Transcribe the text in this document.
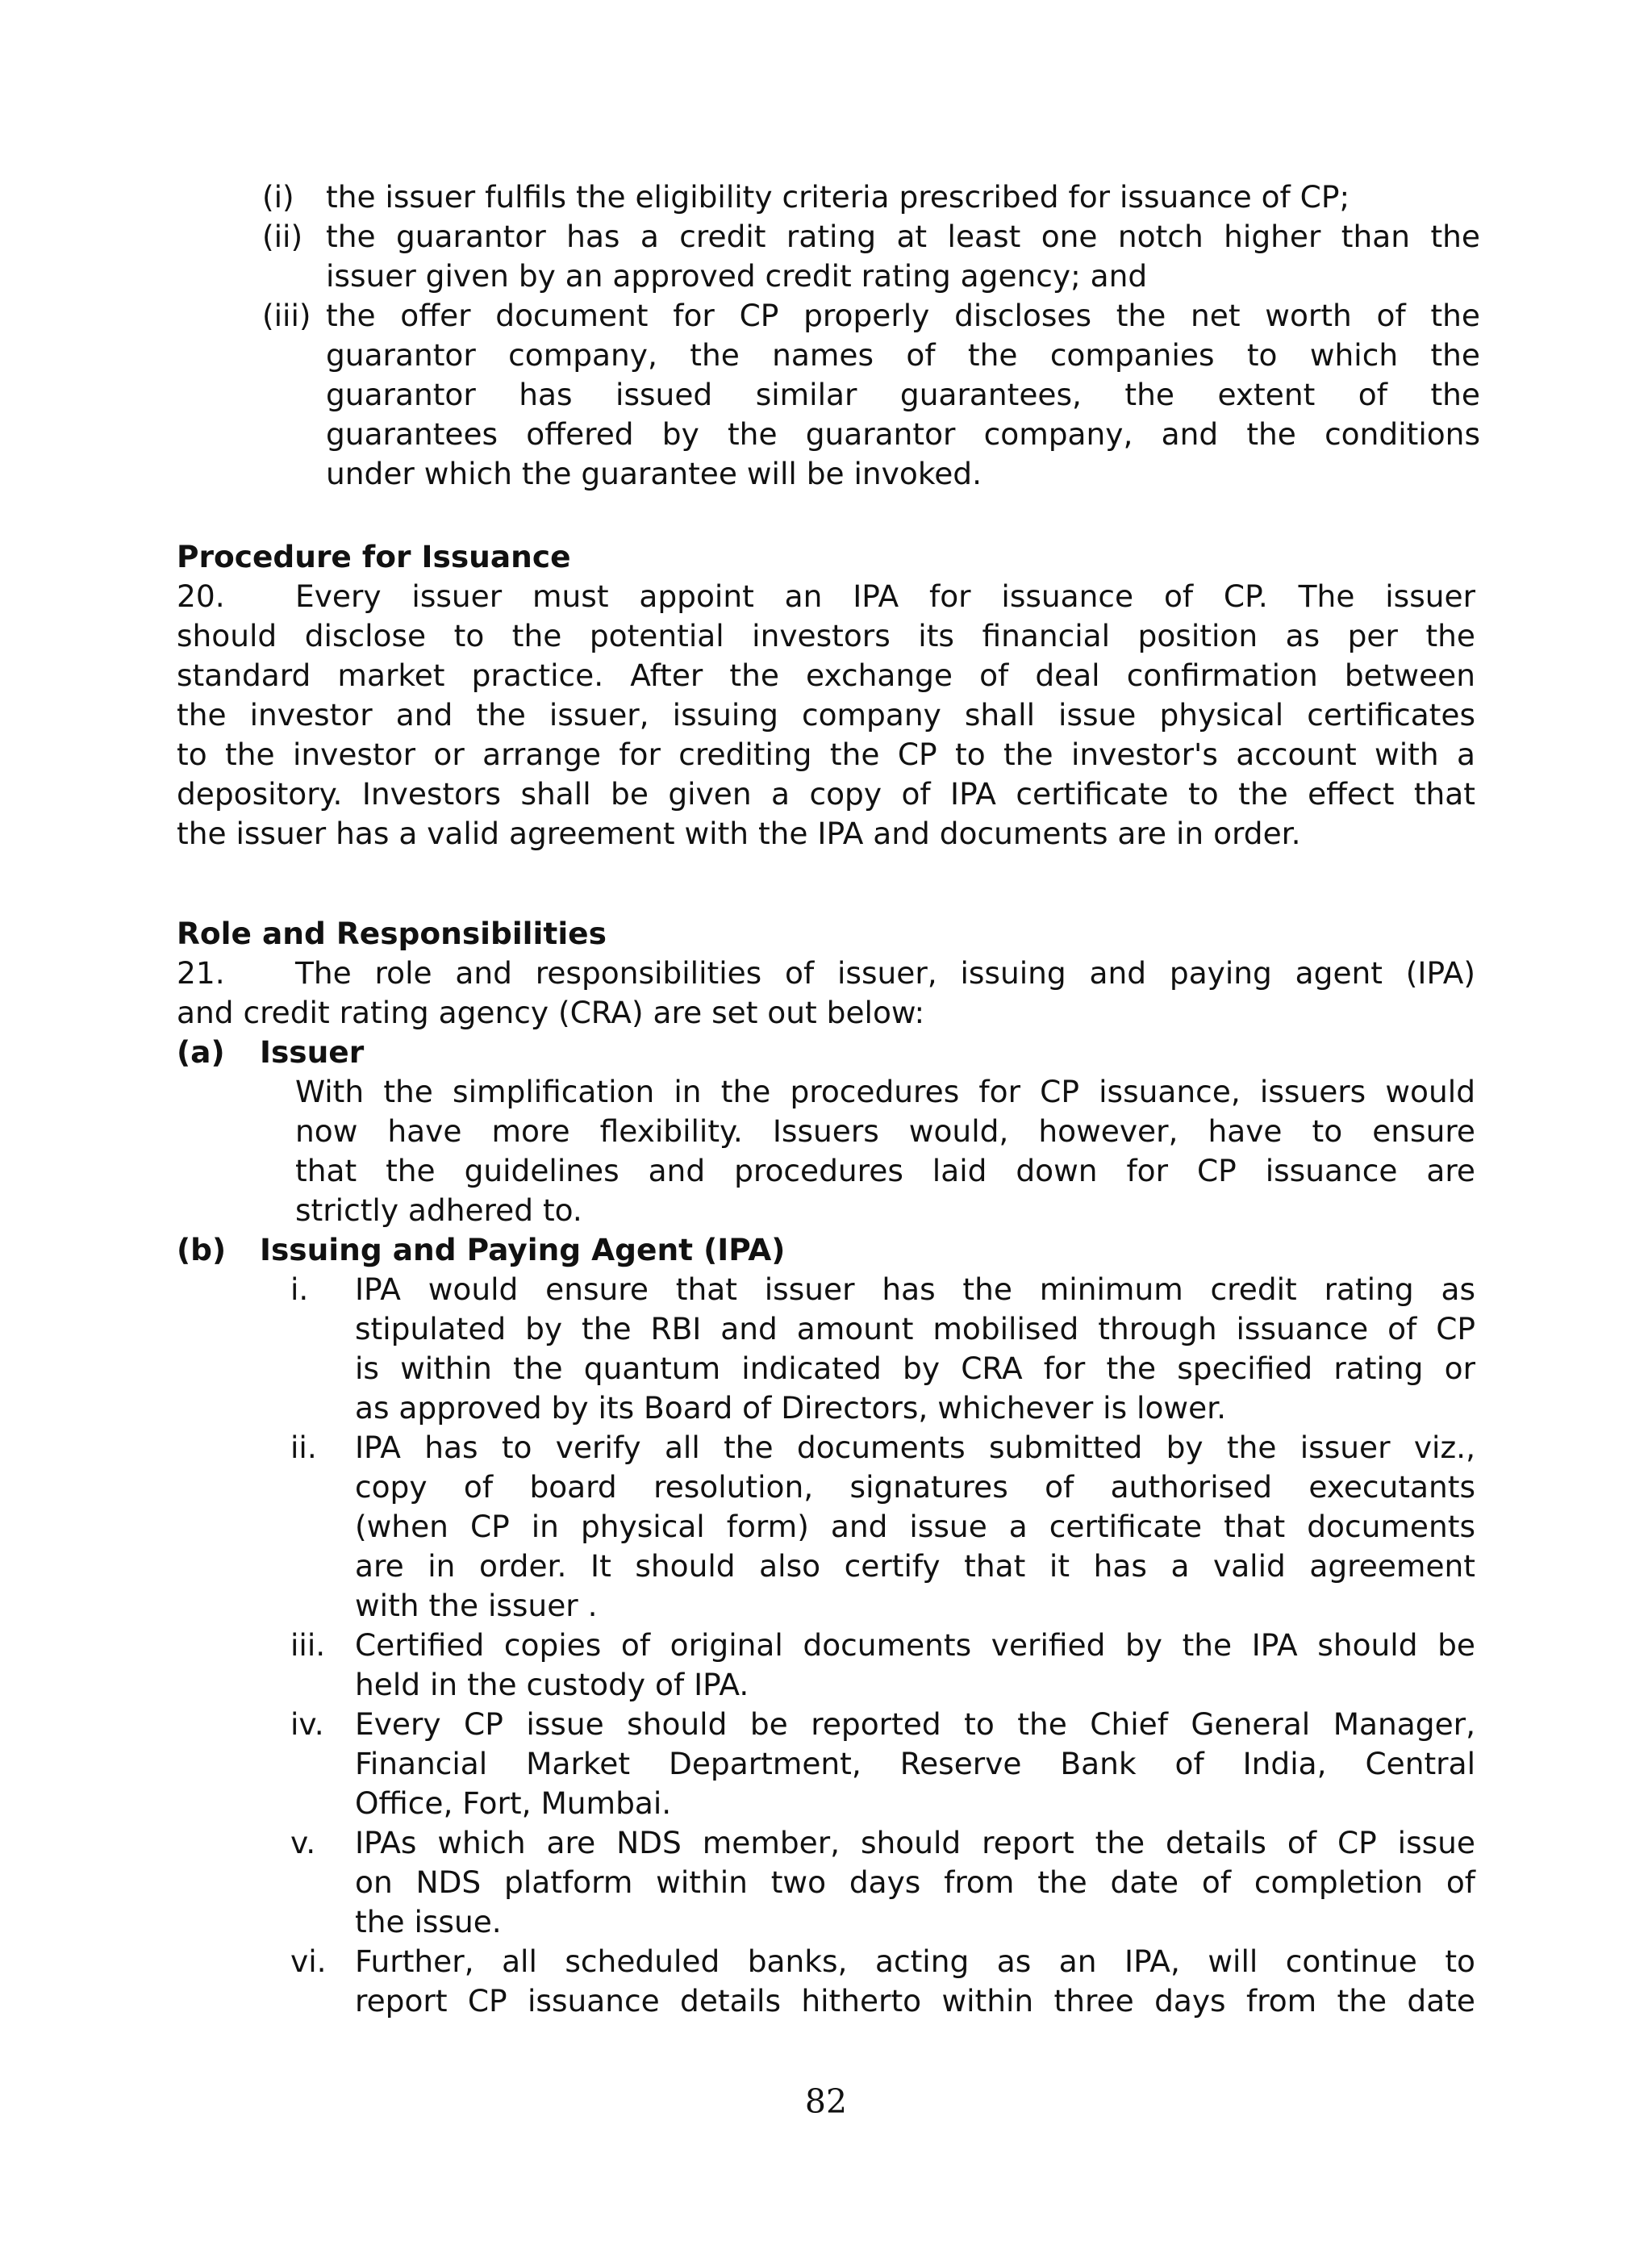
(i) the issuer fulfils the eligibility criteria prescribed for issuance of CP;
(ii) the guarantor has a credit rating at least one notch higher than the
issuer given by an approved credit rating agency; and
(iii) the offer document for CP properly discloses the net worth of the
guarantor company, the names of the companies to which the
guarantor has issued similar guarantees, the extent of the
guarantees offered by the guarantor company, and the conditions
under which the guarantee will be invoked.
Procedure for Issuance
20. Every issuer must appoint an IPA for issuance of CP. The issuer
should disclose to the potential investors its financial position as per the
standard market practice. After the exchange of deal confirmation between
the investor and the issuer, issuing company shall issue physical certificates
to the investor or arrange for crediting the CP to the investor's account with a
depository. Investors shall be given a copy of IPA certificate to the effect that
the issuer has a valid agreement with the IPA and documents are in order.
Role and Responsibilities
21. The role and responsibilities of issuer, issuing and paying agent (IPA)
and credit rating agency (CRA) are set out below:
(a) Issuer
With the simplification in the procedures for CP issuance, issuers would
now have more flexibility. Issuers would, however, have to ensure
that the guidelines and procedures laid down for CP issuance are
strictly adhered to.
(b) Issuing and Paying Agent (IPA)
i. IPA would ensure that issuer has the minimum credit rating as
stipulated by the RBI and amount mobilised through issuance of CP
is within the quantum indicated by CRA for the specified rating or
as approved by its Board of Directors, whichever is lower.
ii. IPA has to verify all the documents submitted by the issuer viz.,
copy of board resolution, signatures of authorised executants
(when CP in physical form) and issue a certificate that documents
are in order. It should also certify that it has a valid agreement
with the issuer .
iii. Certified copies of original documents verified by the IPA should be
held in the custody of IPA.
iv. Every CP issue should be reported to the Chief General Manager,
Financial Market Department, Reserve Bank of India, Central
Office, Fort, Mumbai.
v. IPAs which are NDS member, should report the details of CP issue
on NDS platform within two days from the date of completion of
the issue.
vi. Further, all scheduled banks, acting as an IPA, will continue to
report CP issuance details hitherto within three days from the date
82
